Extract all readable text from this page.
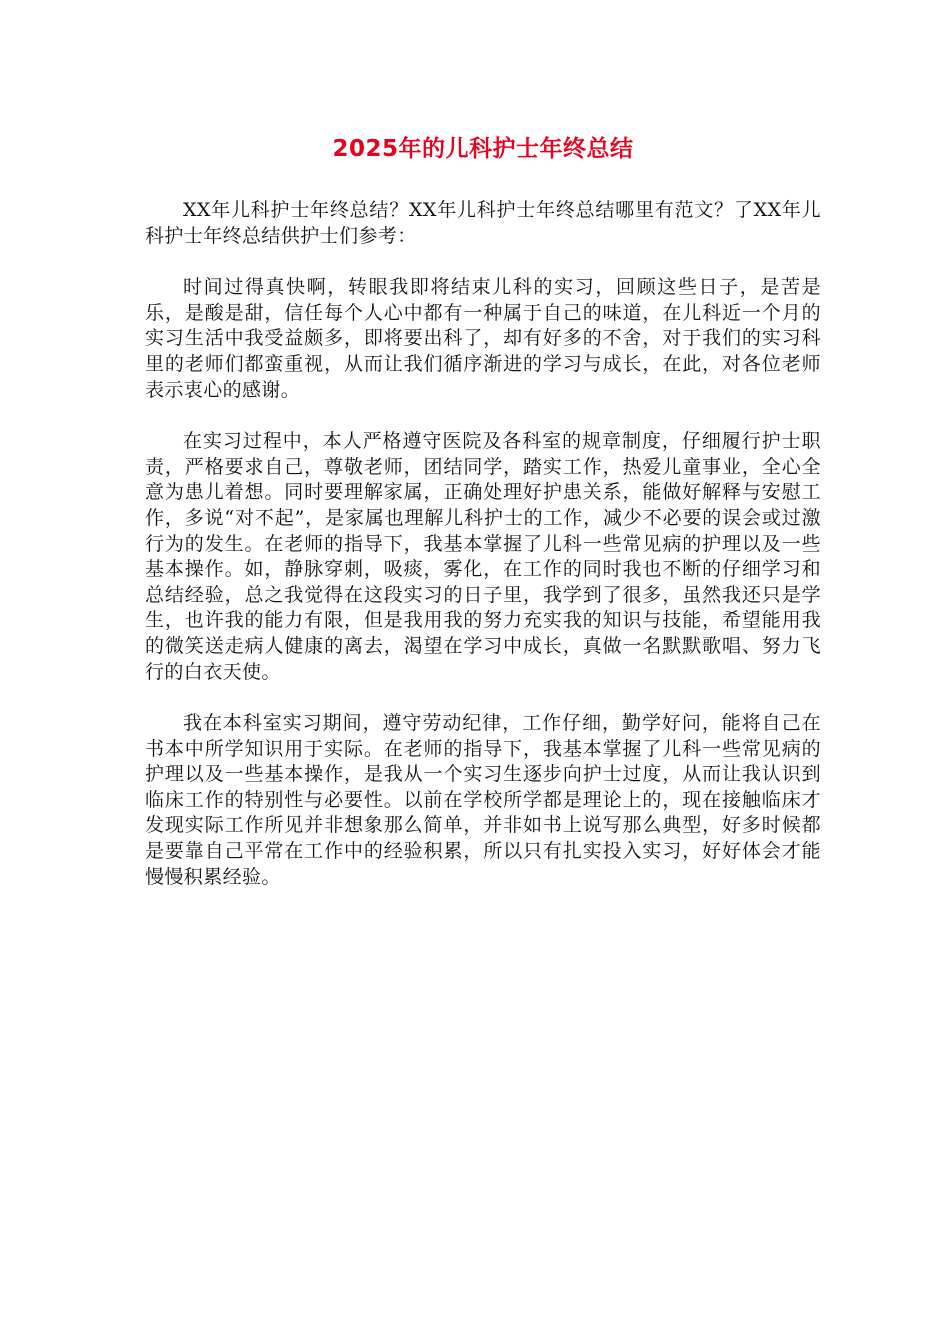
2025年的儿科护士年终总结

XX年儿科护士年终总结？XX年儿科护士年终总结哪里有范文？了XX年儿科护士年终总结供护士们参考：

时间过得真快啊，转眼我即将结束儿科的实习，回顾这些日子，是苦是乐，是酸是甜，信任每个人心中都有一种属于自己的味道，在儿科近一个月的实习生活中我受益颇多，即将要出科了，却有好多的不舍，对于我们的实习科里的老师们都蛮重视，从而让我们循序渐进的学习与成长，在此，对各位老师表示衷心的感谢。

在实习过程中，本人严格遵守医院及各科室的规章制度，仔细履行护士职责，严格要求自己，尊敬老师，团结同学，踏实工作，热爱儿童事业，全心全意为患儿着想。同时要理解家属，正确处理好护患关系，能做好解释与安慰工作，多说“对不起”，是家属也理解儿科护士的工作，减少不必要的误会或过激行为的发生。在老师的指导下，我基本掌握了儿科一些常见病的护理以及一些基本操作。如，静脉穿刺，吸痰，雾化，在工作的同时我也不断的仔细学习和总结经验，总之我觉得在这段实习的日子里，我学到了很多，虽然我还只是学生，也许我的能力有限，但是我用我的努力充实我的知识与技能，希望能用我的微笑送走病人健康的离去，渴望在学习中成长，真做一名默默歌唱、努力飞行的白衣天使。

我在本科室实习期间，遵守劳动纪律，工作仔细，勤学好问，能将自己在书本中所学知识用于实际。在老师的指导下，我基本掌握了儿科一些常见病的护理以及一些基本操作，是我从一个实习生逐步向护士过度，从而让我认识到临床工作的特别性与必要性。以前在学校所学都是理论上的，现在接触临床才发现实际工作所见并非想象那么简单，并非如书上说写那么典型，好多时候都是要靠自己平常在工作中的经验积累，所以只有扎实投入实习，好好体会才能慢慢积累经验。
